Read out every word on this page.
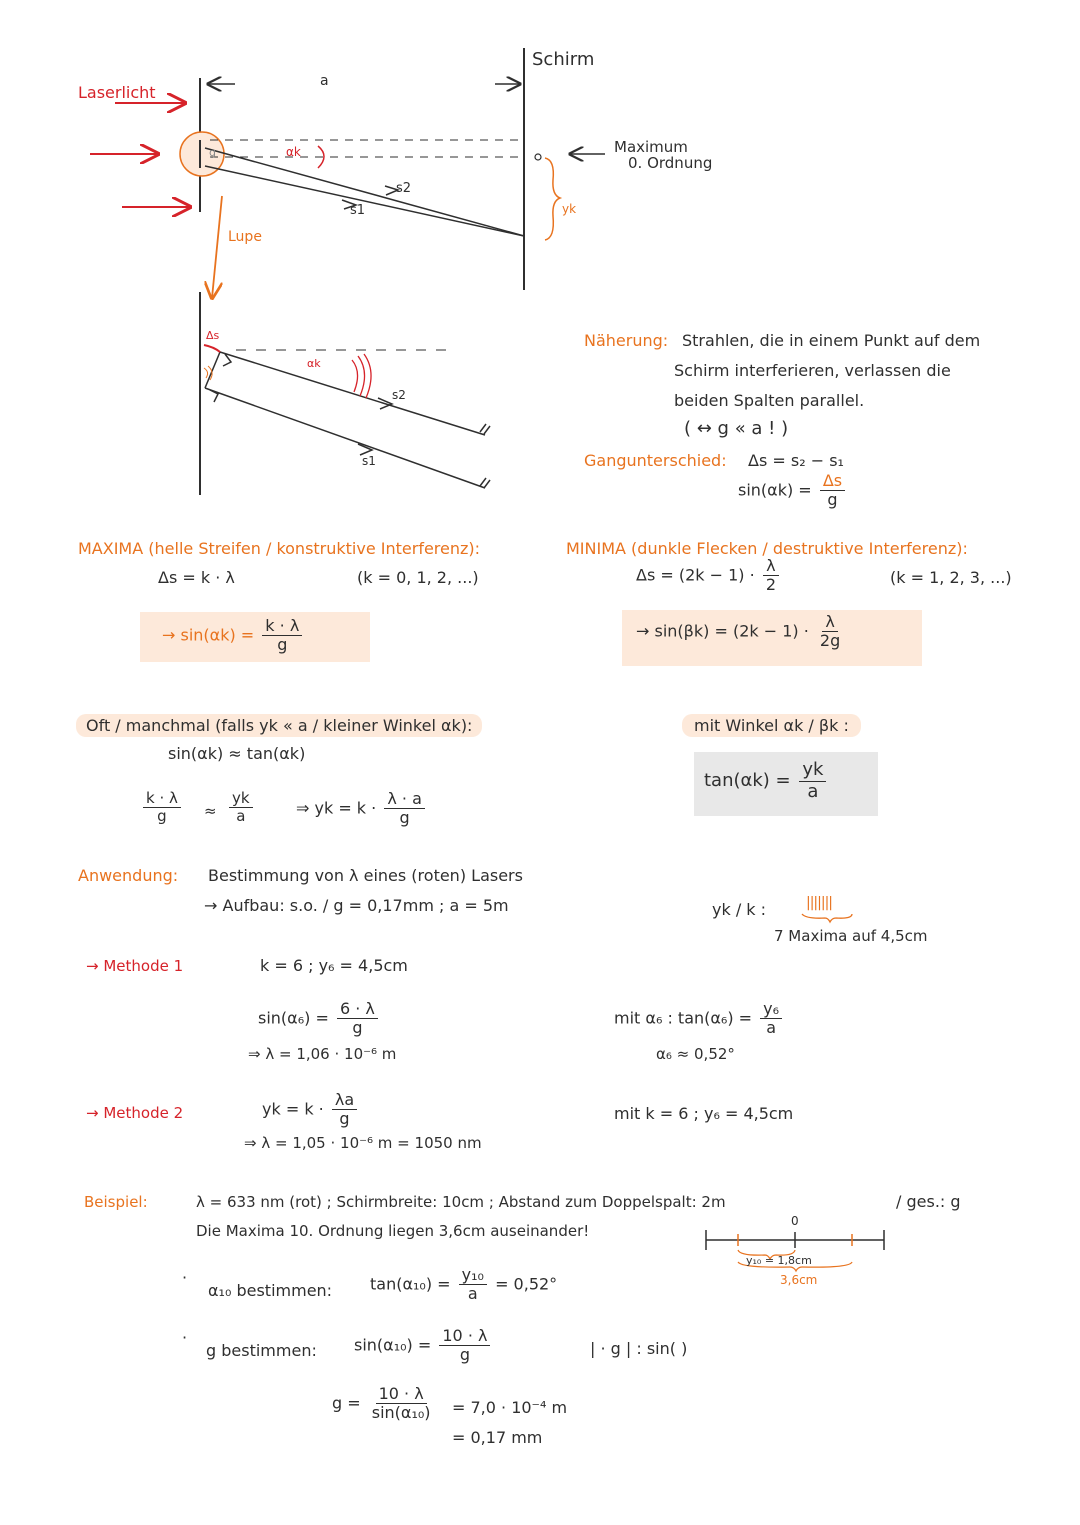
Laserlicht
Schirm
a
αk
g
s2
s1
Maximum
0. Ordnung
yk
Lupe
Δs
αk
s2
s1
Näherung: Strahlen, die in einem Punkt auf dem
Schirm interferieren, verlassen die
beiden Spalten parallel.
( ↔ g « a ! )
Gangunterschied: Δs = s₂ − s₁
$\sin(\alpha k) = \frac{\Delta s}{g}$
MAXIMA (helle Streifen / konstruktive Interferenz):
Δs = k · λ	(k = 0, 1, 2, ...)
→ $\sin(\alpha k) = \frac{k \cdot \lambda}{g}$
MINIMA (dunkle Flecken / destruktive Interferenz):
$\Delta s = (2k - 1) \cdot \frac{\lambda}{2}$	(k = 1, 2, 3, ...)
→ $\sin(\beta k) = (2k - 1) \cdot \frac{\lambda}{2g}$
Oft / manchmal (falls yk « a / kleiner Winkel αk):
sin(αk) ≈ tan(αk)
$\frac{k \cdot \lambda}{g} \approx \frac{yk}{a}$	⇒ yk = $k \cdot \frac{\lambda \cdot a}{g}$
mit Winkel αk / βk :
$\tan(\alpha k) = \frac{yk}{a}$
Anwendung: Bestimmung von λ eines (roten) Lasers
→ Aufbau: s.o. / g = 0,17mm ; a = 5m	yk / k :	|||||||
7 Maxima auf 4,5cm
→ Methode 1	k = 6 ; y₆ = 4,5cm
$\sin(\alpha_6) = \frac{6 \cdot \lambda}{g}$
⇒ λ = 1,06 · 10⁻⁶ m
mit α₆ : $\tan(\alpha_6) = \frac{\text{y₆}}{a}$
α₆ ≈ 0,52°
→ Methode 2	yk = $k \cdot \frac{\lambda a}{g}$
⇒ λ = 1,05 · 10⁻⁶ m = 1050 nm
mit k = 6 ; y₆ = 4,5cm
Beispiel:	λ = 633 nm (rot) ; Schirmbreite: 10cm ; Abstand zum Doppelspalt: 2m	/ ges.: g
Die Maxima 10. Ordnung liegen 3,6cm auseinander!
0
y₁₀ = 1,8cm
3,6cm
·
α₁₀ bestimmen: $\tan(\alpha_{10}) = \frac{\text{y₁₀}}{a} = 0,52^\circ$
·
g bestimmen: $\sin(\alpha_{10}) = \frac{10 \cdot \lambda}{g}$	| · g | : sin( )
$g = \frac{10 \cdot \lambda}{\text{sin(α₁₀)}} = 7,0 \cdot 10^{-4}$ m
= 0,17 mm
